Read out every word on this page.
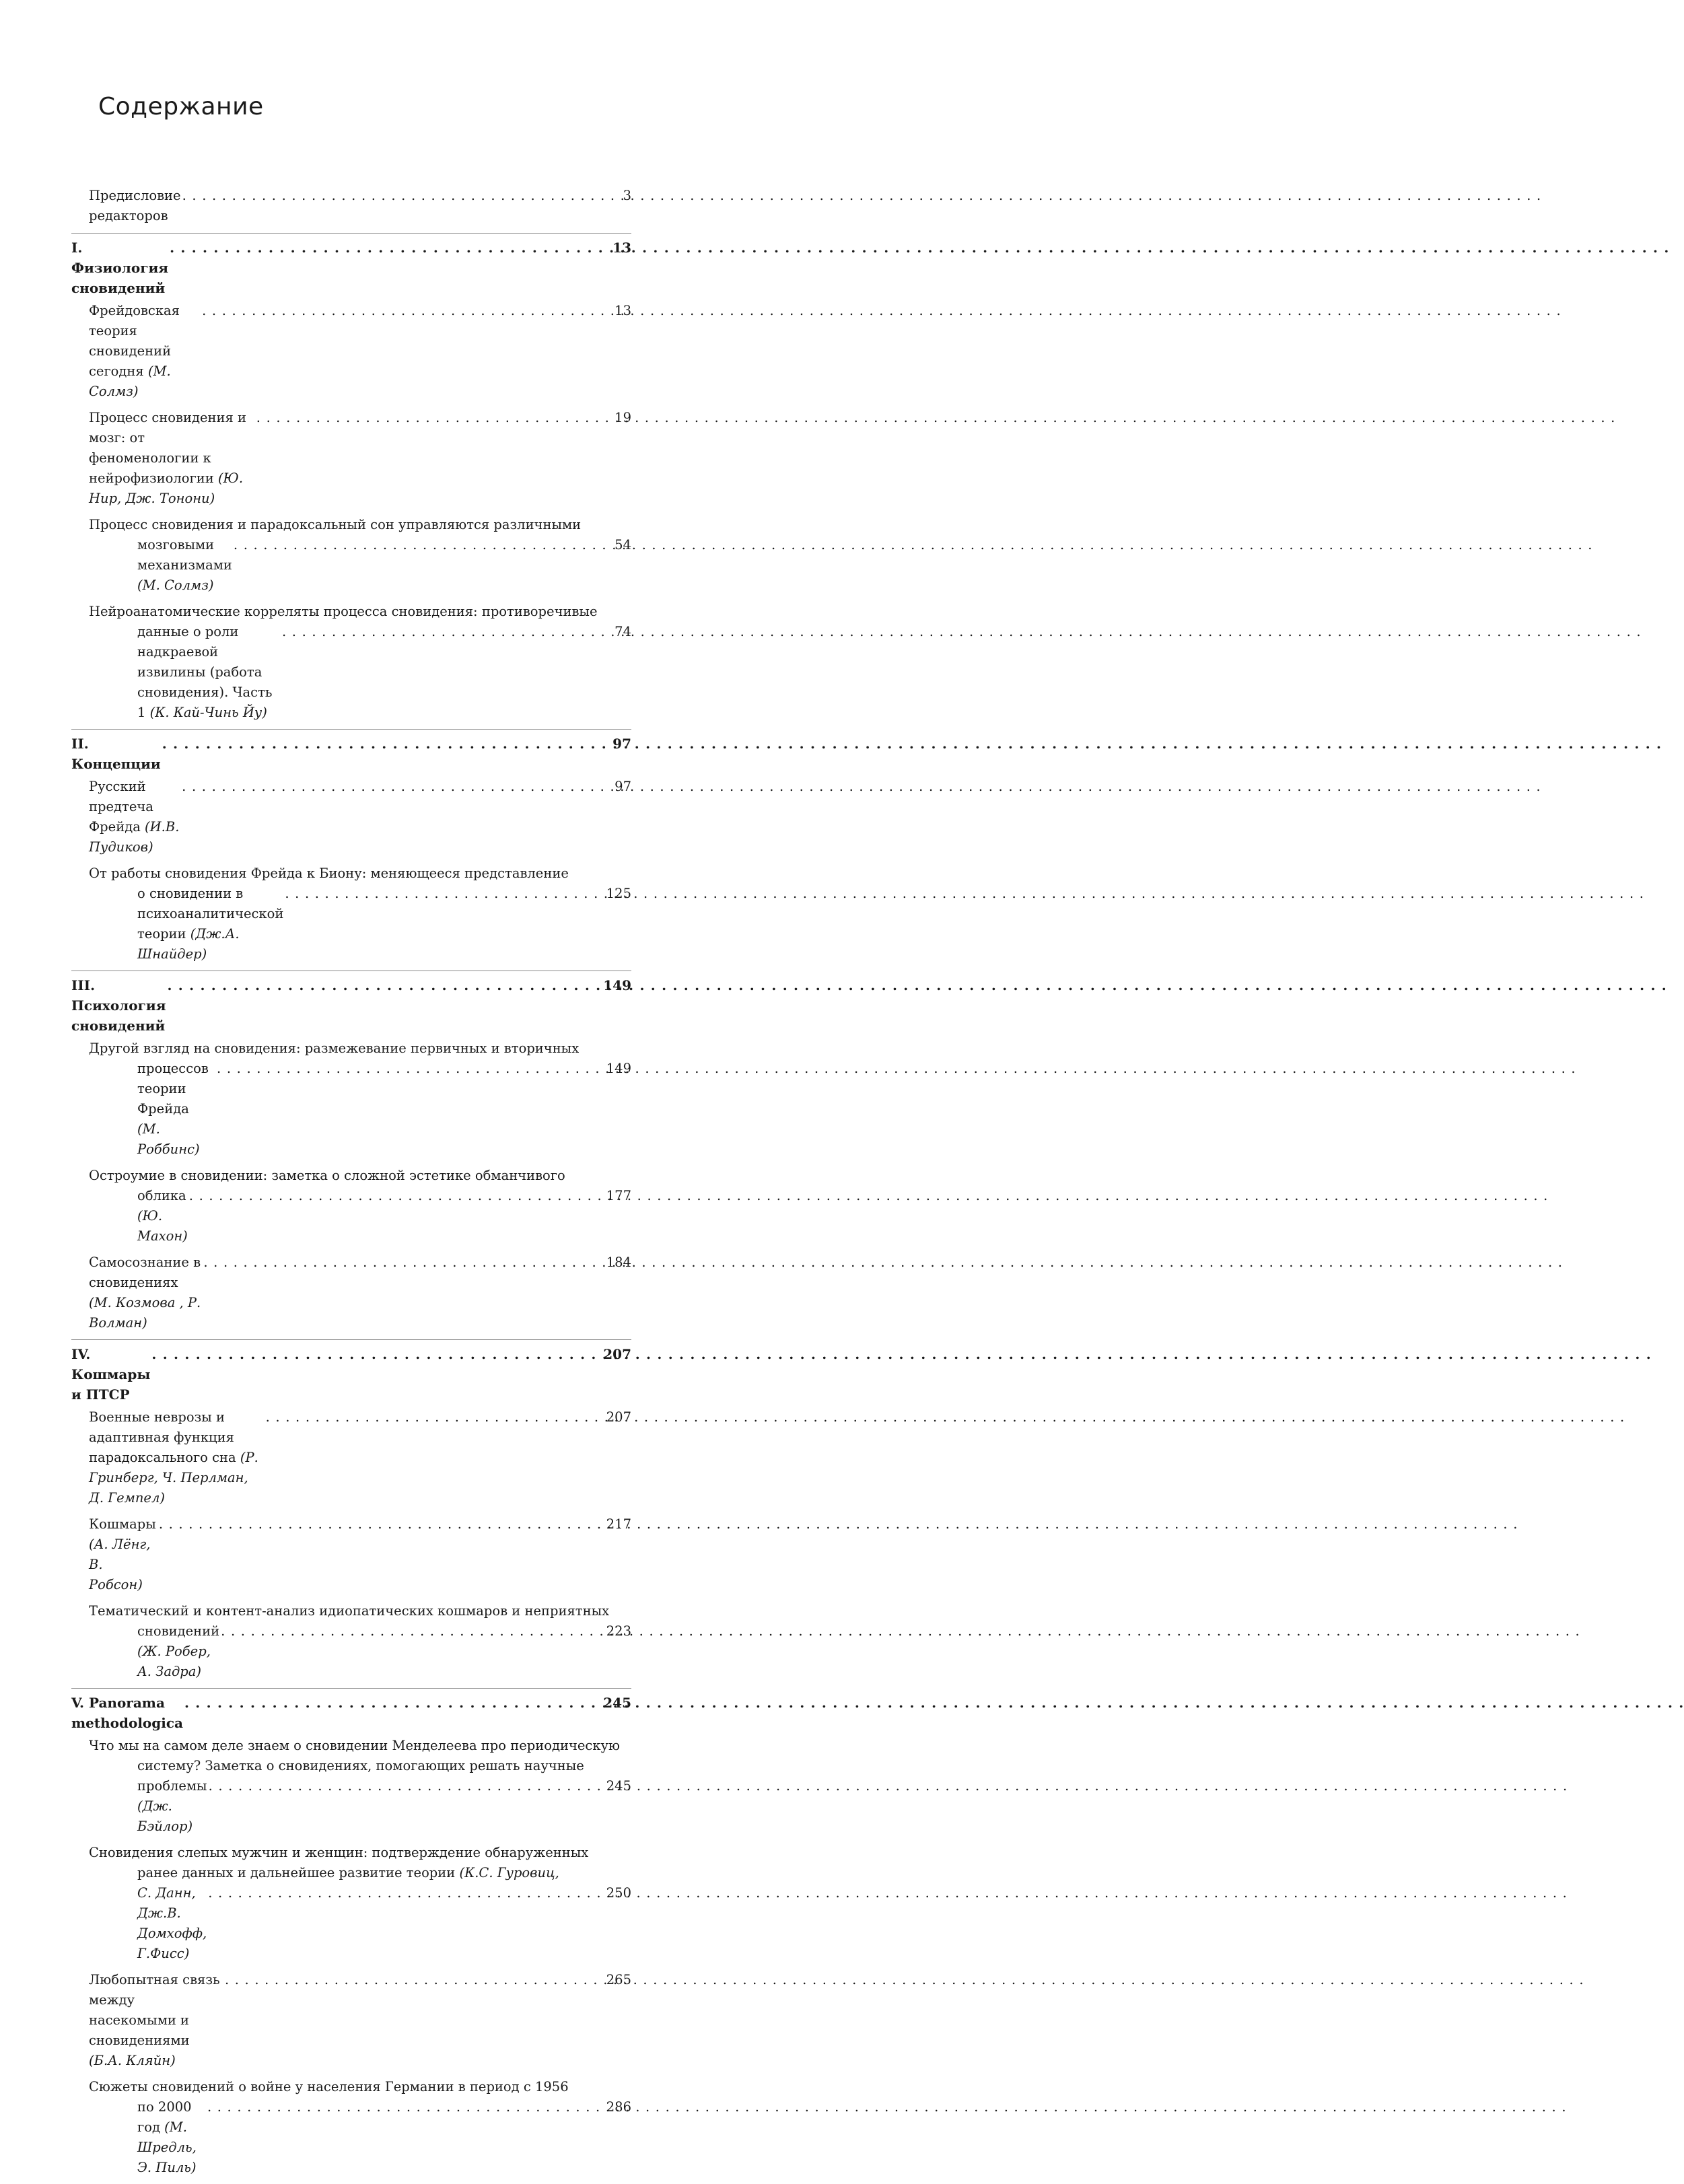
Содержание
Предисловие редакторов
. . .
3
I. Физиология сновидений
. . .
13
Фрейдовская теория сновидений сегодня (М. Солмз)
. . .
13
Процесс сновидения и мозг: от феноменологии к нейрофизиологии (Ю. Нир, Дж. Тонони)
. . .
19
Процесс сновидения и парадоксальный сон управляются различными
мозговыми механизмами (М. Солмз)
. . .
54
Нейроанатомические корреляты процесса сновидения: противоречивые
данные о роли надкраевой извилины (работа сновидения). Часть 1 (К. Кай-Чинь Йу)
. . .
74
II. Концепции
. . .
97
Русский предтеча Фрейда (И.В. Пудиков)
. . .
97
От работы сновидения Фрейда к Биону: меняющееся представление
о сновидении в психоаналитической теории (Дж.А. Шнайдер)
. . .
125
III. Психология сновидений
. . .
149
Другой взгляд на сновидения: размежевание первичных и вторичных
процессов теории Фрейда (М. Роббинс)
. . .
149
Остроумие в сновидении: заметка о сложной эстетике обманчивого
облика (Ю. Махон)
. . .
177
Самосознание в сновидениях (М. Козмова , Р. Волман)
. . .
184
IV. Кошмары и ПТСР
. . .
207
Военные неврозы и адаптивная функция парадоксального сна (Р. Гринберг, Ч. Перлман, Д. Гемпел)
. . .
207
Кошмары (А. Лёнг, В. Робсон)
. . .
217
Тематический и контент-анализ идиопатических кошмаров и неприятных
сновидений (Ж. Робер, А. Задра)
. . .
223
V. Panorama methodologica
. . .
245
Что мы на самом деле знаем о сновидении Менделеева про периодическую
систему? Заметка о сновидениях, помогающих решать научные
проблемы (Дж. Бэйлор)
. . .
245
Сновидения слепых мужчин и женщин: подтверждение обнаруженных
ранее данных и дальнейшее развитие теории (К.С. Гуровиц,
С. Данн, Дж.В. Домхофф, Г.Фисс)
. . .
250
Любопытная связь между насекомыми и сновидениями (Б.А. Кляйн)
. . .
265
Сюжеты сновидений о войне у населения Германии в период с 1956
по 2000 год (М. Шредль, Э. Пиль)
. . .
286
